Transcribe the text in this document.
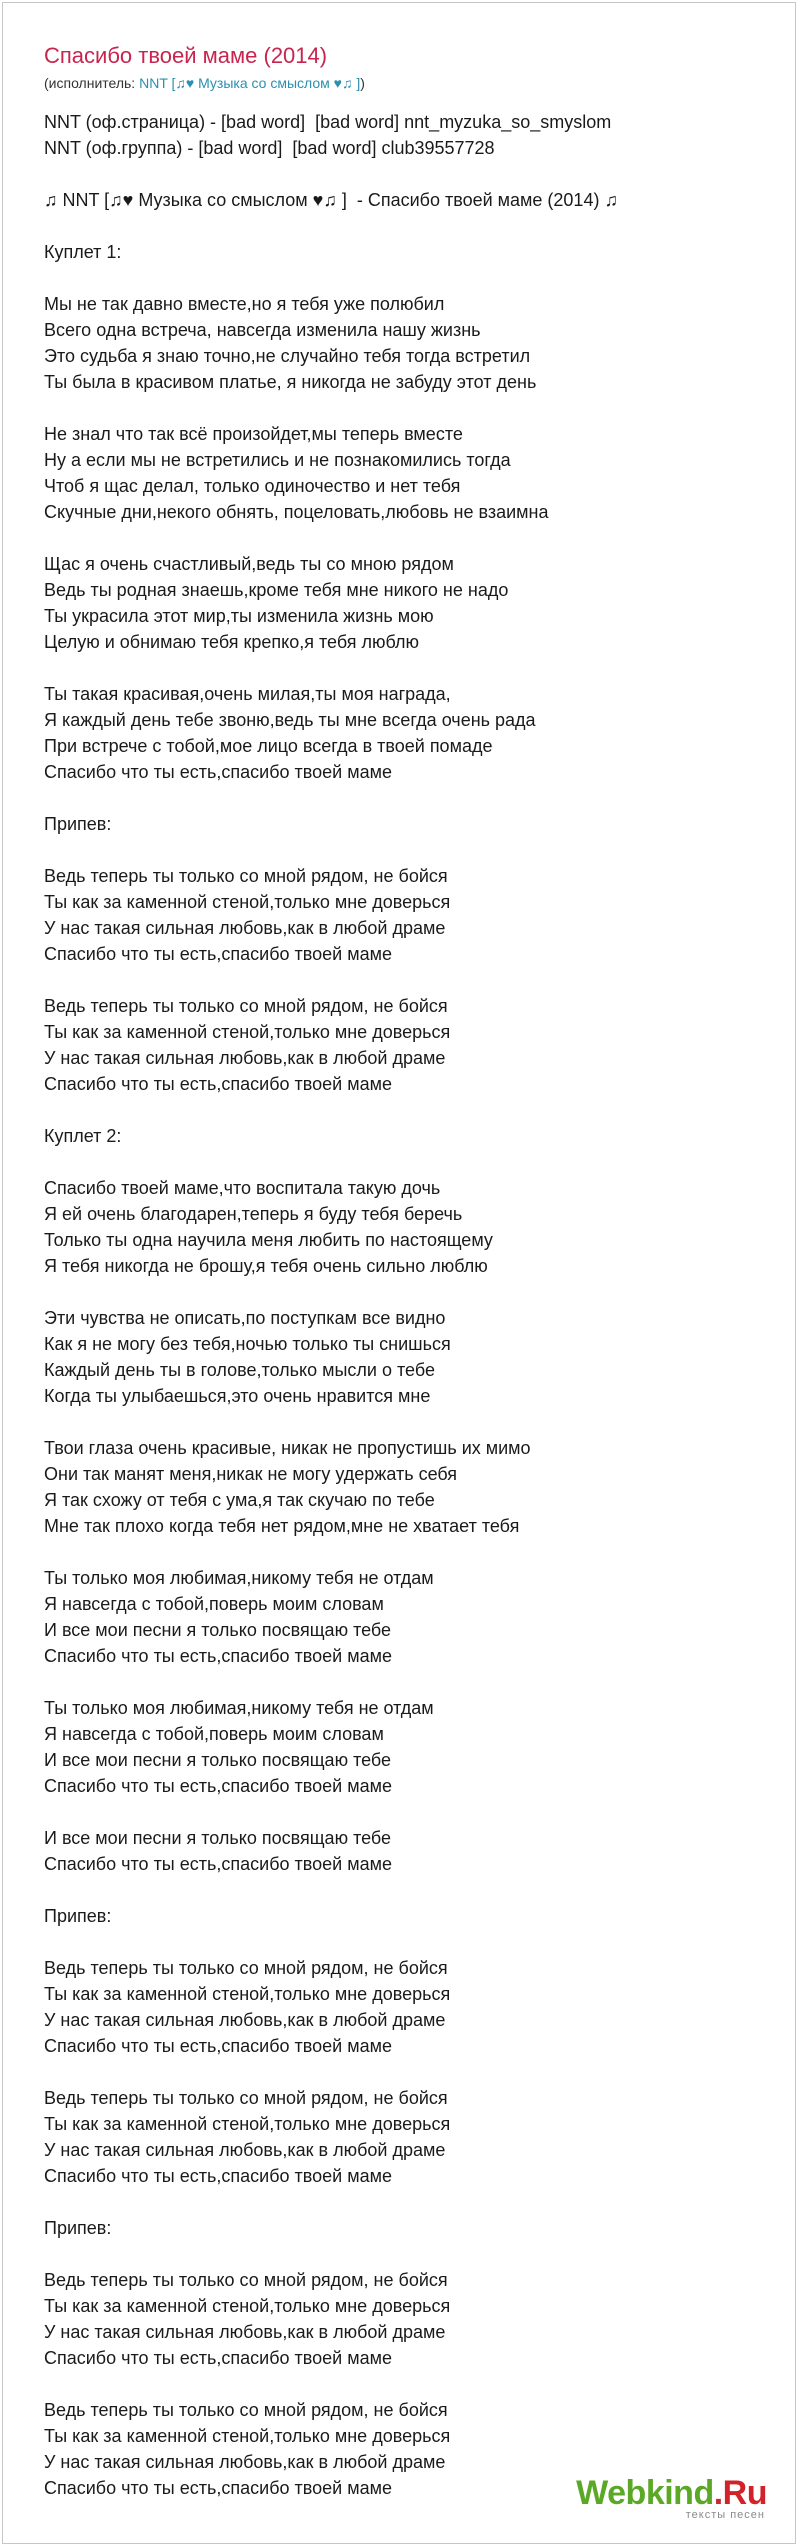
Спасибо твоей маме (2014)
(исполнитель: NNT [♫♥ Музыка со смыслом ♥♫ ])
NNT (оф.страница) - [bad word]  [bad word] nnt_myzuka_so_smyslom
NNT (оф.группа) - [bad word]  [bad word] club39557728
♫ NNT [♫♥ Музыка со смыслом ♥♫ ]  - Спасибо твоей маме (2014) ♫
Куплет 1:
Мы не так давно вместе,но я тебя уже полюбил
Всего одна встреча, навсегда изменила нашу жизнь
Это судьба я знаю точно,не случайно тебя тогда встретил
Ты была в красивом платье, я никогда не забуду этот день
Не знал что так всё произойдет,мы теперь вместе
Ну а если мы не встретились и не познакомились тогда
Чтоб я щас делал, только одиночество и нет тебя
Скучные дни,некого обнять, поцеловать,любовь не взаимна
Щас я очень счастливый,ведь ты со мною рядом
Ведь ты родная знаешь,кроме тебя мне никого не надо
Ты украсила этот мир,ты изменила жизнь мою
Целую и обнимаю тебя крепко,я тебя люблю
Ты такая красивая,очень милая,ты моя награда,
Я каждый день тебе звоню,ведь ты мне всегда очень рада
При встрече с тобой,мое лицо всегда в твоей помаде
Спасибо что ты есть,спасибо твоей маме
Припев:
Ведь теперь ты только со мной рядом, не бойся
Ты как за каменной стеной,только мне доверься
У нас такая сильная любовь,как в любой драме
Спасибо что ты есть,спасибо твоей маме
Ведь теперь ты только со мной рядом, не бойся
Ты как за каменной стеной,только мне доверься
У нас такая сильная любовь,как в любой драме
Спасибо что ты есть,спасибо твоей маме
Куплет 2:
Спасибо твоей маме,что воспитала такую дочь
Я ей очень благодарен,теперь я буду тебя беречь
Только ты одна научила меня любить по настоящему
Я тебя никогда не брошу,я тебя очень сильно люблю
Эти чувства не описать,по поступкам все видно
Как я не могу без тебя,ночью только ты снишься
Каждый день ты в голове,только мысли о тебе
Когда ты улыбаешься,это очень нравится мне
Твои глаза очень красивые, никак не пропустишь их мимо
Они так манят меня,никак не могу удержать себя
Я так схожу от тебя с ума,я так скучаю по тебе
Мне так плохо когда тебя нет рядом,мне не хватает тебя
Ты только моя любимая,никому тебя не отдам
Я навсегда с тобой,поверь моим словам
И все мои песни я только посвящаю тебе
Спасибо что ты есть,спасибо твоей маме
Ты только моя любимая,никому тебя не отдам
Я навсегда с тобой,поверь моим словам
И все мои песни я только посвящаю тебе
Спасибо что ты есть,спасибо твоей маме
И все мои песни я только посвящаю тебе
Спасибо что ты есть,спасибо твоей маме
Припев:
Ведь теперь ты только со мной рядом, не бойся
Ты как за каменной стеной,только мне доверься
У нас такая сильная любовь,как в любой драме
Спасибо что ты есть,спасибо твоей маме
Ведь теперь ты только со мной рядом, не бойся
Ты как за каменной стеной,только мне доверься
У нас такая сильная любовь,как в любой драме
Спасибо что ты есть,спасибо твоей маме
Припев:
Ведь теперь ты только со мной рядом, не бойся
Ты как за каменной стеной,только мне доверься
У нас такая сильная любовь,как в любой драме
Спасибо что ты есть,спасибо твоей маме
Ведь теперь ты только со мной рядом, не бойся
Ты как за каменной стеной,только мне доверься
У нас такая сильная любовь,как в любой драме
Спасибо что ты есть,спасибо твоей маме	Webkind.Ru
тексты песен
